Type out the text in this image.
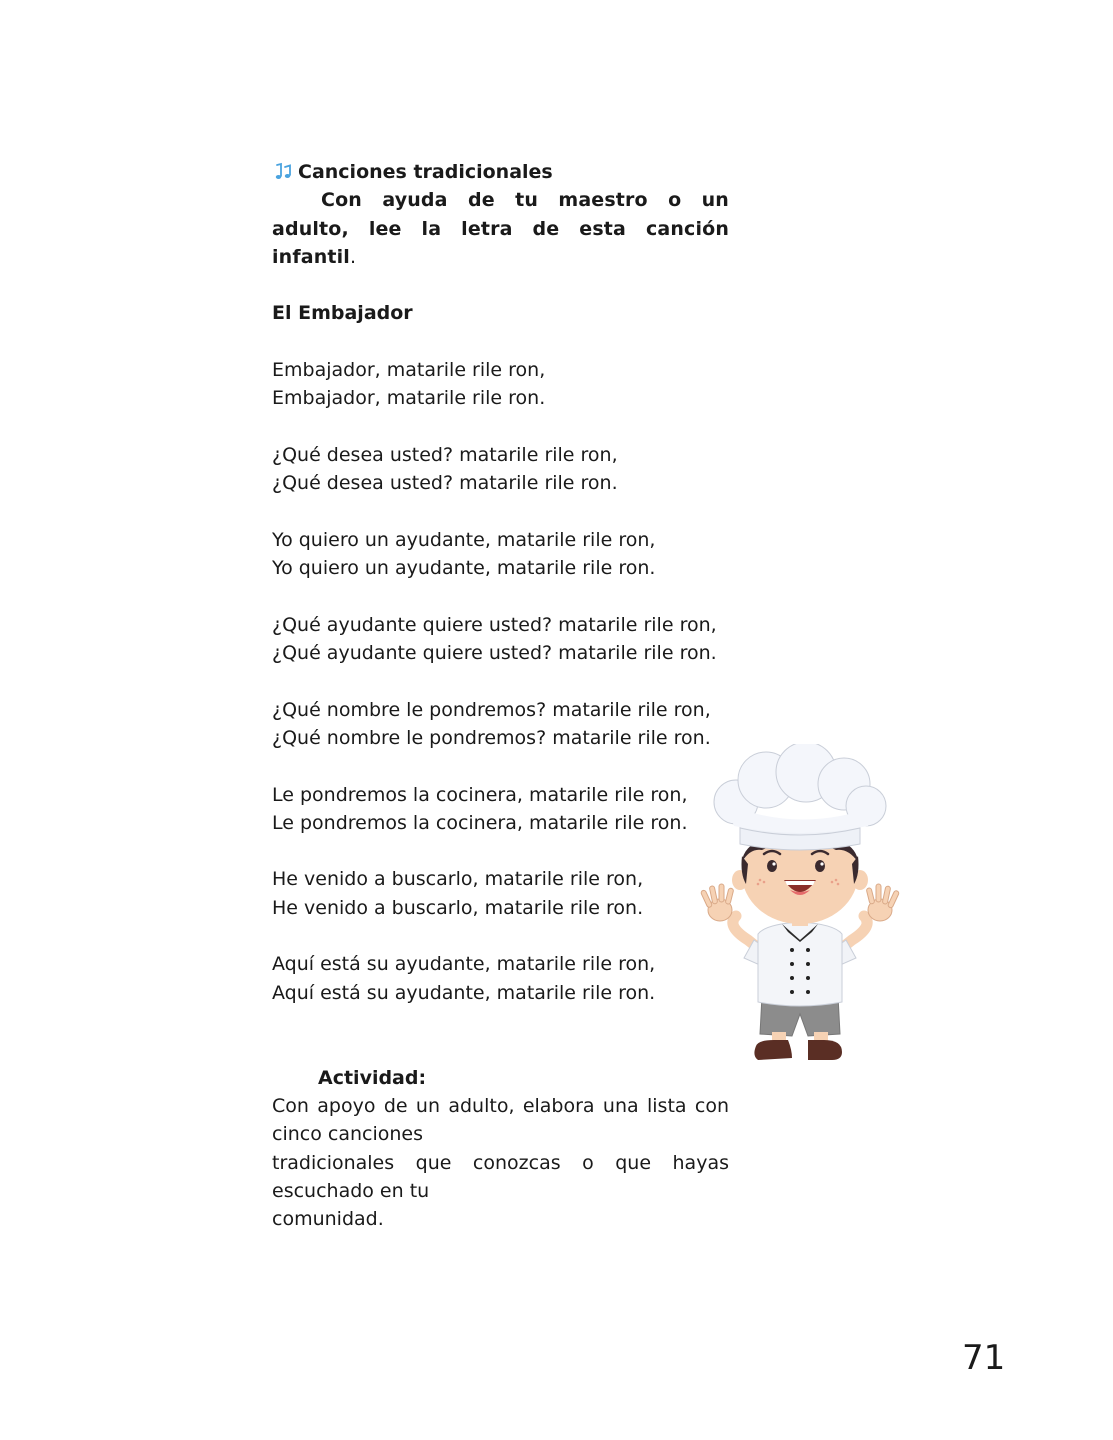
Canciones tradicionales

Con ayuda de tu maestro o un adulto, lee la letra de esta canción infantil.

El Embajador
Embajador, matarile rile ron,
Embajador, matarile rile ron.
¿Qué desea usted? matarile rile ron,
¿Qué desea usted? matarile rile ron.
Yo quiero un ayudante, matarile rile ron,
Yo quiero un ayudante, matarile rile ron.
¿Qué ayudante quiere usted? matarile rile ron,
¿Qué ayudante quiere usted? matarile rile ron.
¿Qué nombre le pondremos? matarile rile ron,
¿Qué nombre le pondremos? matarile rile ron.
Le pondremos la cocinera, matarile rile ron,
Le pondremos la cocinera, matarile rile ron.
He venido a buscarlo, matarile rile ron,
He venido a buscarlo, matarile rile ron.
Aquí está su ayudante, matarile rile ron,
Aquí está su ayudante, matarile rile ron.
Actividad:
Con apoyo de un adulto, elabora una lista con
cinco canciones
tradicionales que conozcas o que hayas
escuchado en tu
comunidad.
71
